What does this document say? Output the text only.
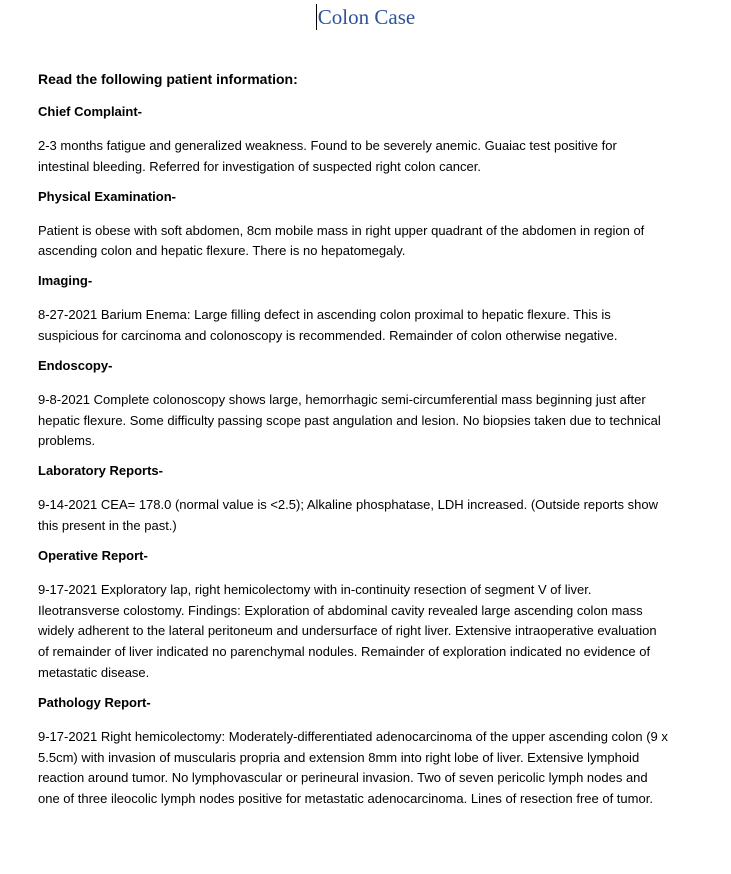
Colon Case

Read the following patient information:

Chief Complaint-

2-3 months fatigue and generalized weakness. Found to be severely anemic. Guaiac test positive for intestinal bleeding. Referred for investigation of suspected right colon cancer.

Physical Examination-

Patient is obese with soft abdomen, 8cm mobile mass in right upper quadrant of the abdomen in region of ascending colon and hepatic flexure. There is no hepatomegaly.

Imaging-

8-27-2021 Barium Enema: Large filling defect in ascending colon proximal to hepatic flexure. This is suspicious for carcinoma and colonoscopy is recommended. Remainder of colon otherwise negative.

Endoscopy-

9-8-2021 Complete colonoscopy shows large, hemorrhagic semi-circumferential mass beginning just after hepatic flexure. Some difficulty passing scope past angulation and lesion. No biopsies taken due to technical problems.

Laboratory Reports-

9-14-2021 CEA= 178.0 (normal value is <2.5); Alkaline phosphatase, LDH increased. (Outside reports show this present in the past.)

Operative Report-

9-17-2021 Exploratory lap, right hemicolectomy with in-continuity resection of segment V of liver. Ileotransverse colostomy. Findings: Exploration of abdominal cavity revealed large ascending colon mass widely adherent to the lateral peritoneum and undersurface of right liver. Extensive intraoperative evaluation of remainder of liver indicated no parenchymal nodules. Remainder of exploration indicated no evidence of metastatic disease.

Pathology Report-

9-17-2021 Right hemicolectomy: Moderately-differentiated adenocarcinoma of the upper ascending colon (9 x 5.5cm) with invasion of muscularis propria and extension 8mm into right lobe of liver. Extensive lymphoid reaction around tumor. No lymphovascular or perineural invasion. Two of seven pericolic lymph nodes and one of three ileocolic lymph nodes positive for metastatic adenocarcinoma. Lines of resection free of tumor.
